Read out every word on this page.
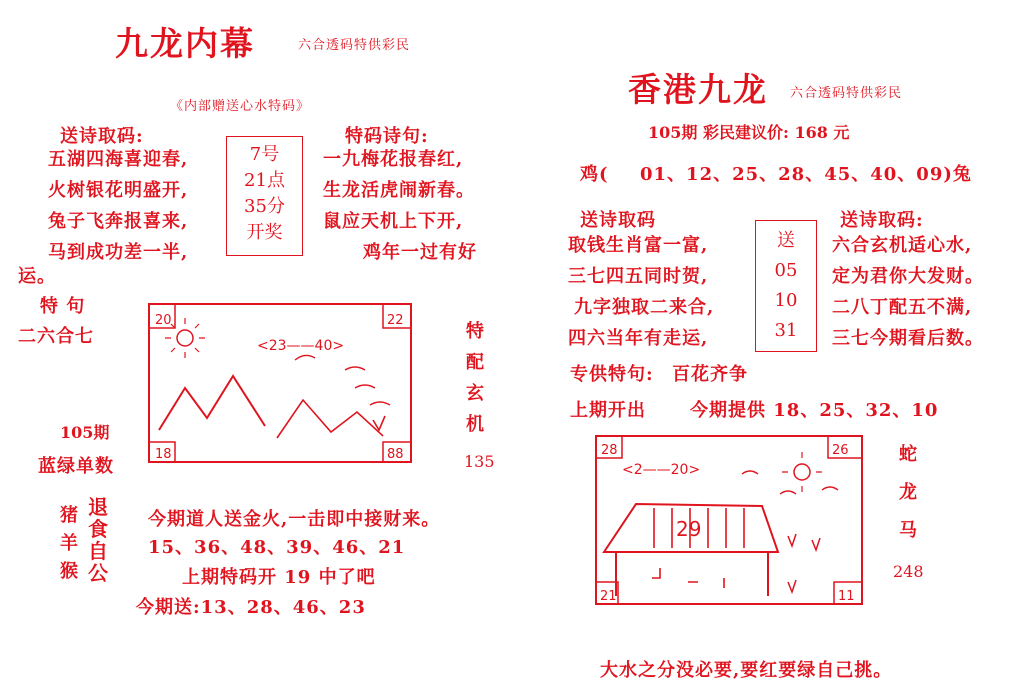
九龙内幕	六合透码特供彩民
《内部赠送心水特码》
送诗取码:
五湖四海喜迎春,
火树银花明盛开,
兔子飞奔报喜来,
马到成功差一半,
7号
21点
35分
开奖
特码诗句:
一九梅花报春红,
生龙活虎闹新春。
鼠应天机上下开,
鸡年一过有好
运。
特 句
二六合七
105期
蓝绿单数
20	22
18	88
<23——40>
特
配
玄
机
135
猪
羊
猴
退
食
自
公
今期道人送金火,一击即中接财来。
15、36、48、39、46、21
上期特码开 19 中了吧
今期送:13、28、46、23
香港九龙 六合透码特供彩民
105期 彩民建议价: 168 元
鸡( 01、12、25、28、45、40、09)兔
送诗取码
取钱生肖富一富,
三七四五同时贺,
九字独取二来合,
四六当年有走运,
送
05
10
31
送诗取码:
六合玄机适心水,
定为君你大发财。
二八丁配五不满,
三七今期看后数。
专供特句: 百花齐争
上期开出 今期提供 18、25、32、10
28	26
21	11
<2——20>
29
蛇
龙
马
248
大水之分没必要,要红要绿自己挑。
